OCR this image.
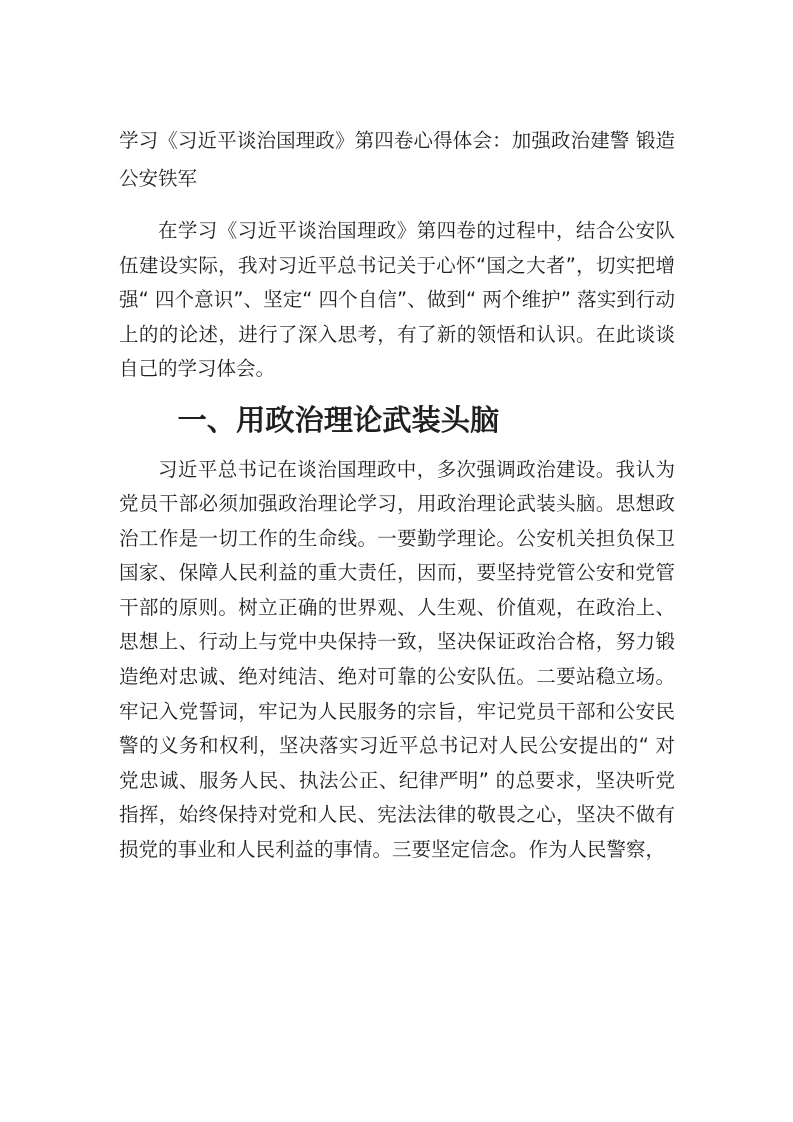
学习《习近平谈治国理政》第四卷心得体会：加强政治建警 锻造公安铁军

在学习《习近平谈治国理政》第四卷的过程中，结合公安队伍建设实际，我对习近平总书记关于心怀“国之大者”，切实把增强“ 四个意识”、坚定“ 四个自信”、做到“ 两个维护” 落实到行动上的的论述，进行了深入思考，有了新的领悟和认识。在此谈谈自己的学习体会。

一、用政治理论武装头脑

习近平总书记在谈治国理政中，多次强调政治建设。我认为党员干部必须加强政治理论学习，用政治理论武装头脑。思想政治工作是一切工作的生命线。一要勤学理论。公安机关担负保卫国家、保障人民利益的重大责任，因而，要坚持党管公安和党管干部的原则。树立正确的世界观、人生观、价值观，在政治上、思想上、行动上与党中央保持一致，坚决保证政治合格，努力锻造绝对忠诚、绝对纯洁、绝对可靠的公安队伍。二要站稳立场。牢记入党誓词，牢记为人民服务的宗旨，牢记党员干部和公安民警的义务和权利，坚决落实习近平总书记对人民公安提出的“ 对党忠诚、服务人民、执法公正、纪律严明” 的总要求，坚决听党指挥，始终保持对党和人民、宪法法律的敬畏之心，坚决不做有损党的事业和人民利益的事情。三要坚定信念。作为人民警察，
